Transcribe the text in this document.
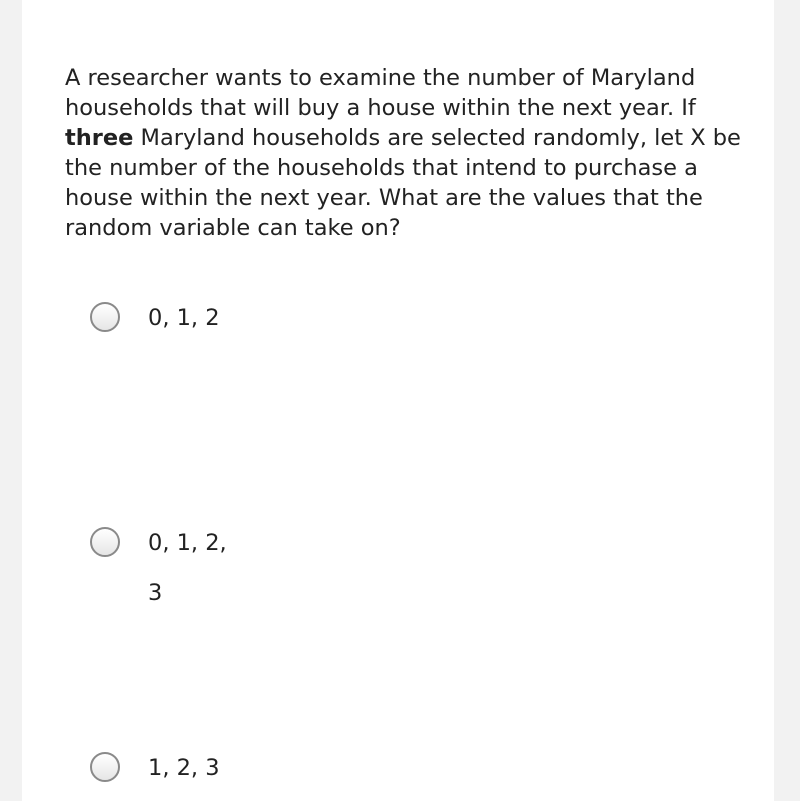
A researcher wants to examine the number of Maryland households that will buy a house within the next year. If three Maryland households are selected randomly, let X be the number of the households that intend to purchase a house within the next year. What are the values that the random variable can take on?

0, 1, 2
0, 1, 2, 3
1, 2, 3
